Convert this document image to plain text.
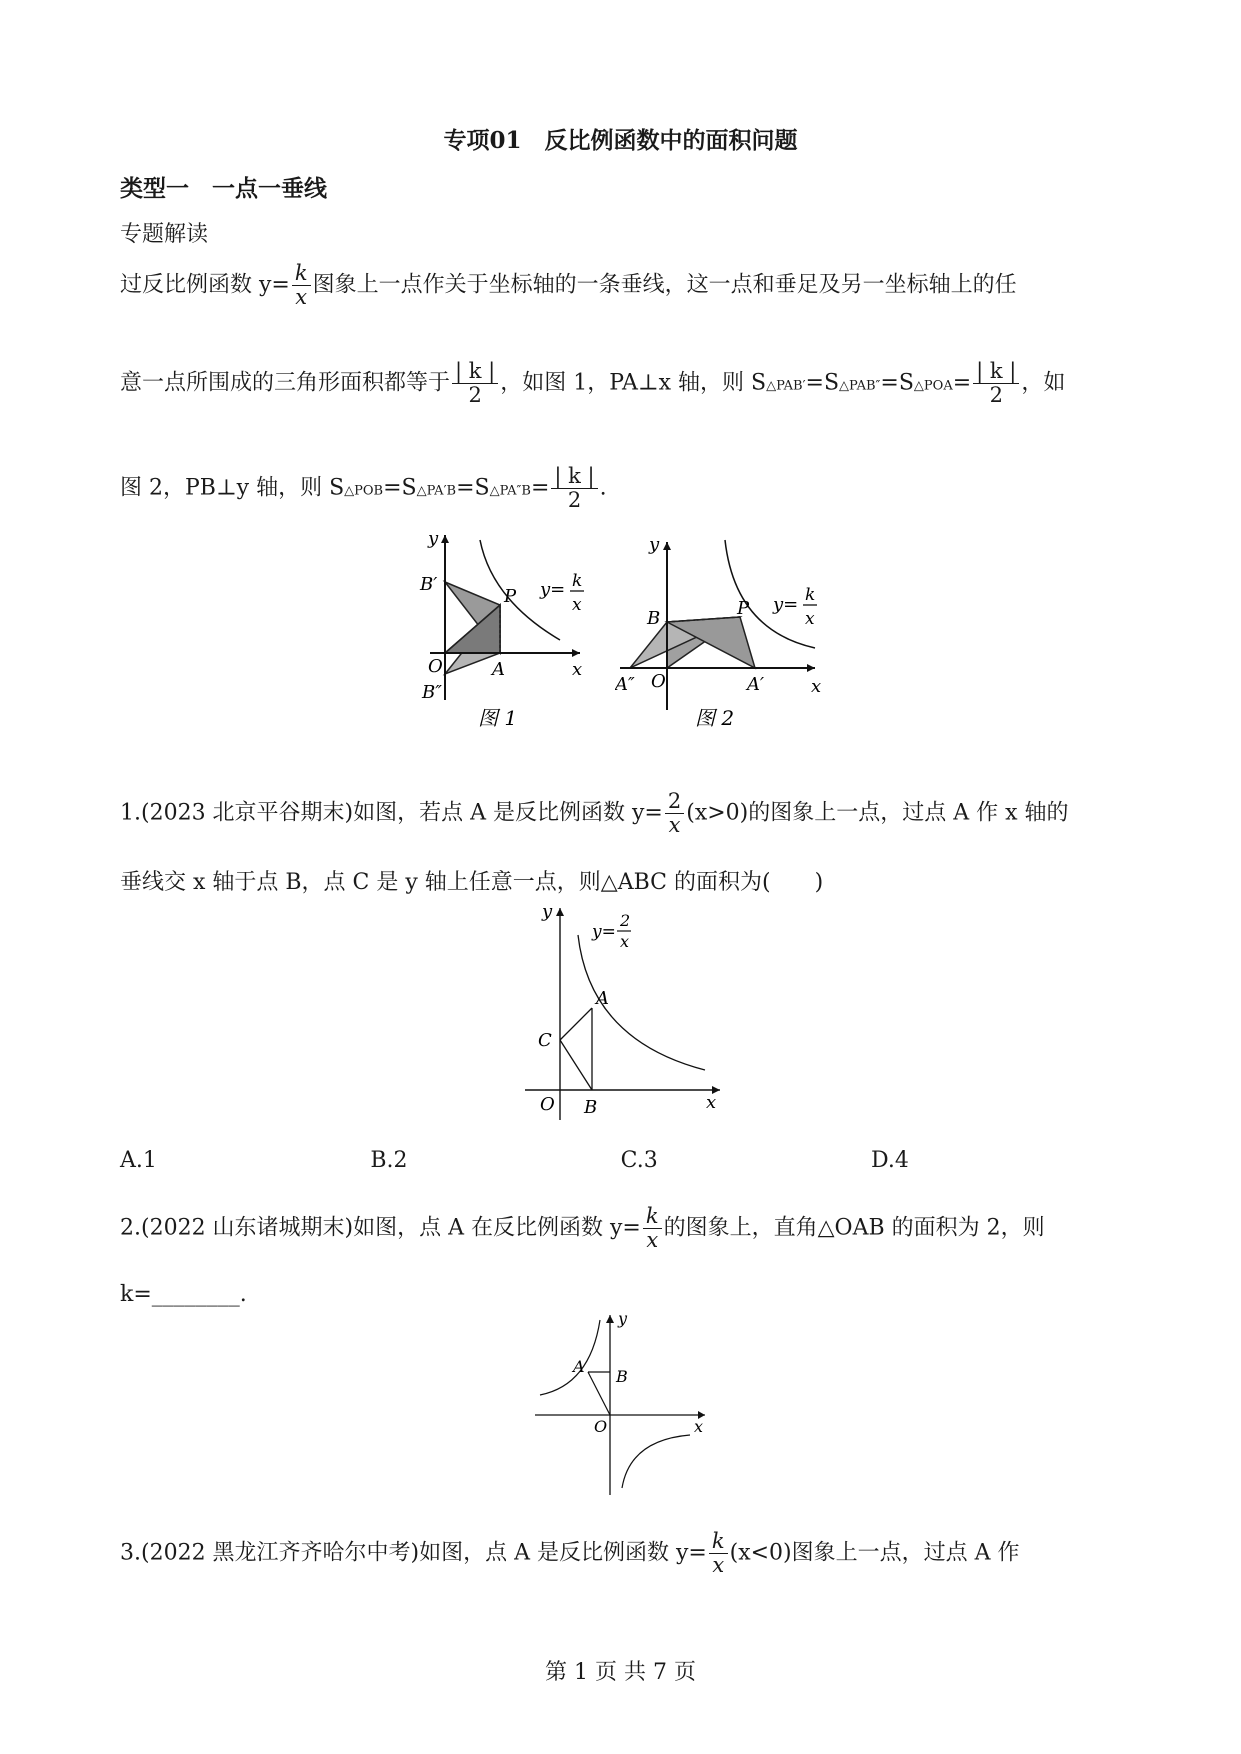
专项01　反比例函数中的面积问题
类型一　一点一垂线
专题解读
过反比例函数 $y= \frac{k}{x}$ 图象上一点作关于坐标轴的一条垂线，这一点和垂足及另一坐标轴上的任
意一点所围成的三角形面积都等于 $\frac{| k |}{2}$ ，如图 1，PA⊥x 轴，则 S△PAB′=S△PAB″=S△POA= $\frac{| k |}{2}$ ，如
图 2，PB⊥y 轴，则 S△POB=S△PA′B=S△PA″B= $\frac{| k |}{2}$ .
y
x
O	A
P
B′
B″
y= k
x
图 1
y
x
O
B	P
A′
A″
y= k
x
图 2
1.(2023 北京平谷期末)如图，若点 A 是反比例函数 $y= \frac{2}{x} (x>0)$的图象上一点，过点 A 作 x 轴的
垂线交 x 轴于点 B，点 C 是 y 轴上任意一点，则△ABC 的面积为(　　)
y
x
O
A
B
C
y=
2
x
A.1	B.2	C.3	D.4
2.(2022 山东诸城期末)如图，点 A 在反比例函数 $y= \frac{k}{x}$ 的图象上，直角△OAB 的面积为 2，则
k=________.
y
x
O
A
B
3.(2022 黑龙江齐齐哈尔中考)如图，点 A 是反比例函数 $y= \frac{k}{x} (x<0)$图象上一点，过点 A 作
第 1 页 共 7 页
